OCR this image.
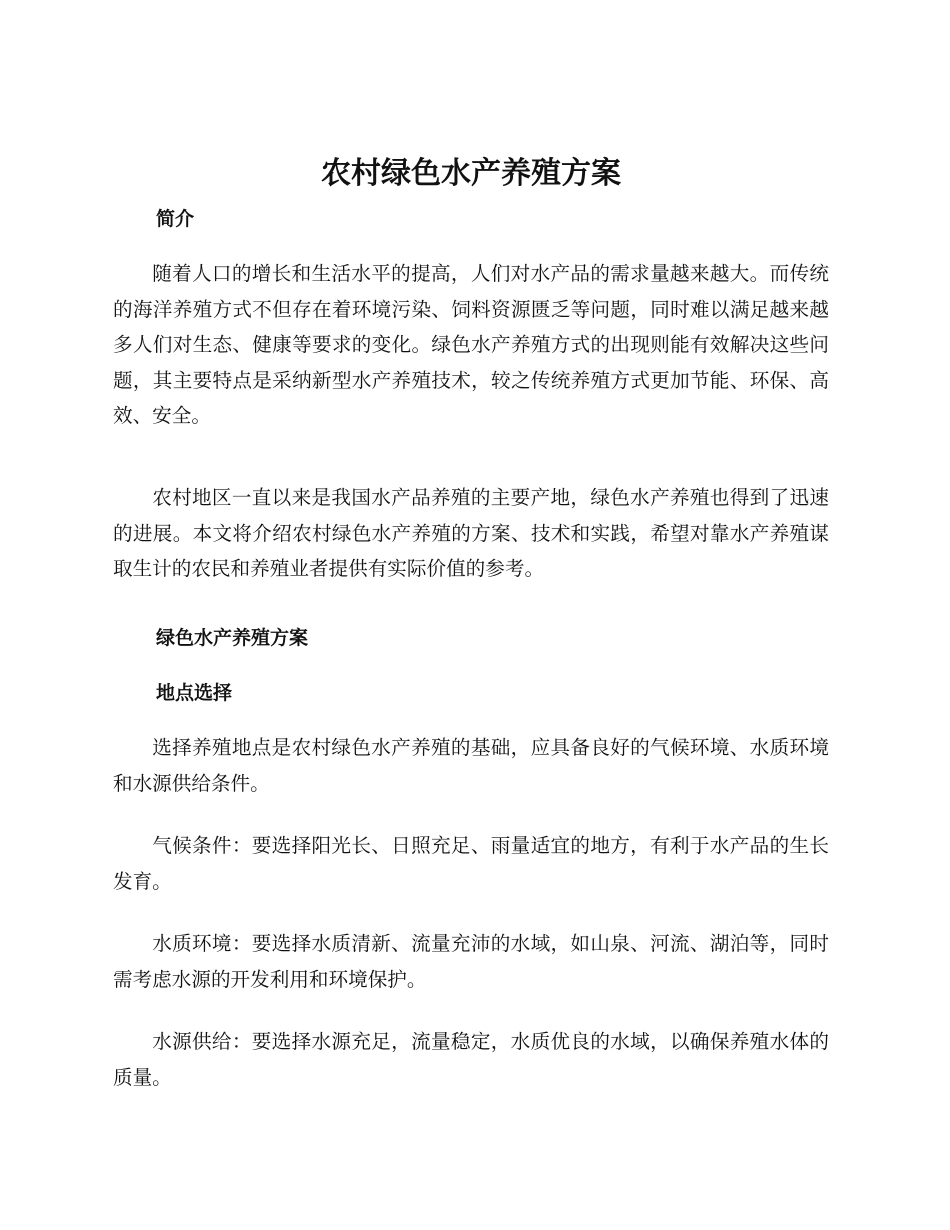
农村绿色水产养殖方案
简介

随着人口的增长和生活水平的提高，人们对水产品的需求量越来越大。而传统的海洋养殖方式不但存在着环境污染、饲料资源匮乏等问题，同时难以满足越来越多人们对生态、健康等要求的变化。绿色水产养殖方式的出现则能有效解决这些问题，其主要特点是采纳新型水产养殖技术，较之传统养殖方式更加节能、环保、高效、安全。

农村地区一直以来是我国水产品养殖的主要产地，绿色水产养殖也得到了迅速的进展。本文将介绍农村绿色水产养殖的方案、技术和实践，希望对靠水产养殖谋取生计的农民和养殖业者提供有实际价值的参考。

绿色水产养殖方案
地点选择

选择养殖地点是农村绿色水产养殖的基础，应具备良好的气候环境、水质环境和水源供给条件。

气候条件：要选择阳光长、日照充足、雨量适宜的地方，有利于水产品的生长发育。

水质环境：要选择水质清新、流量充沛的水域，如山泉、河流、湖泊等，同时需考虑水源的开发利用和环境保护。

水源供给：要选择水源充足，流量稳定，水质优良的水域，以确保养殖水体的质量。
